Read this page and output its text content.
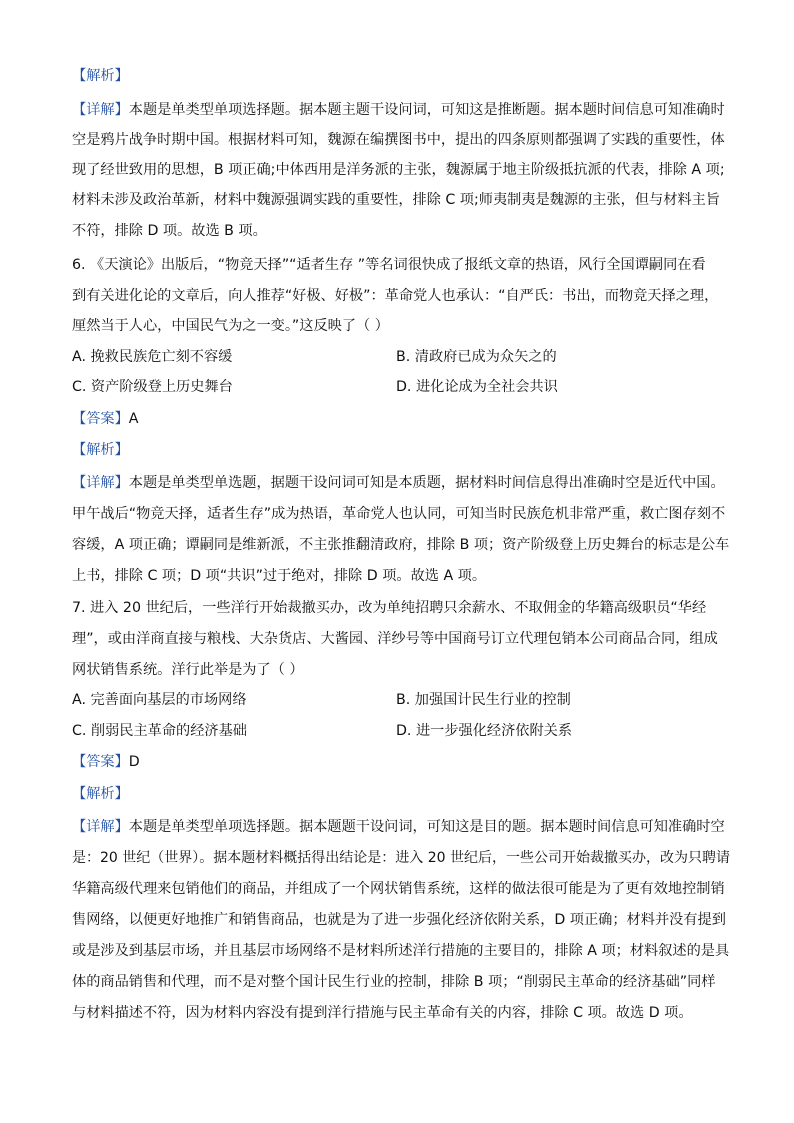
【解析】
【详解】本题是单类型单项选择题。据本题主题干设问词，可知这是推断题。据本题时间信息可知准确时
空是鸦片战争时期中国。根据材料可知，魏源在编撰图书中，提出的四条原则都强调了实践的重要性，体
现了经世致用的思想，B 项正确;中体西用是洋务派的主张，魏源属于地主阶级抵抗派的代表，排除 A 项;
材料未涉及政治革新，材料中魏源强调实践的重要性，排除 C 项;师夷制夷是魏源的主张，但与材料主旨
不符，排除 D 项。故选 B 项。
6. 《天演论》出版后，“物竞天择”“适者生存 ”等名词很快成了报纸文章的热语，风行全国谭嗣同在看
到有关进化论的文章后，向人推荐“好极、好极”：革命党人也承认：“自严氏：书出，而物竞天择之理，
厘然当于人心，中国民气为之一变。”这反映了（ ）
A. 挽救民族危亡刻不容缓	B. 清政府已成为众矢之的
C. 资产阶级登上历史舞台	D. 进化论成为全社会共识
【答案】A
【解析】
【详解】本题是单类型单选题，据题干设问词可知是本质题，据材料时间信息得出准确时空是近代中国。
甲午战后“物竞天择，适者生存”成为热语，革命党人也认同，可知当时民族危机非常严重，救亡图存刻不
容缓，A 项正确；谭嗣同是维新派，不主张推翻清政府，排除 B 项；资产阶级登上历史舞台的标志是公车
上书，排除 C 项；D 项“共识”过于绝对，排除 D 项。故选 A 项。
7. 进入 20 世纪后，一些洋行开始裁撤买办，改为单纯招聘只余薪水、不取佣金的华籍高级职员“华经
理”，或由洋商直接与粮栈、大杂货店、大酱园、洋纱号等中国商号订立代理包销本公司商品合同，组成
网状销售系统。洋行此举是为了（ ）
A. 完善面向基层的市场网络	B. 加强国计民生行业的控制
C. 削弱民主革命的经济基础	D. 进一步强化经济依附关系
【答案】D
【解析】
【详解】本题是单类型单项选择题。据本题题干设问词，可知这是目的题。据本题时间信息可知准确时空
是：20 世纪（世界）。据本题材料概括得出结论是：进入 20 世纪后，一些公司开始裁撤买办，改为只聘请
华籍高级代理来包销他们的商品，并组成了一个网状销售系统，这样的做法很可能是为了更有效地控制销
售网络，以便更好地推广和销售商品，也就是为了进一步强化经济依附关系，D 项正确；材料并没有提到
或是涉及到基层市场，并且基层市场网络不是材料所述洋行措施的主要目的，排除 A 项；材料叙述的是具
体的商品销售和代理，而不是对整个国计民生行业的控制，排除 B 项；“削弱民主革命的经济基础”同样
与材料描述不符，因为材料内容没有提到洋行措施与民主革命有关的内容，排除 C 项。故选 D 项。
